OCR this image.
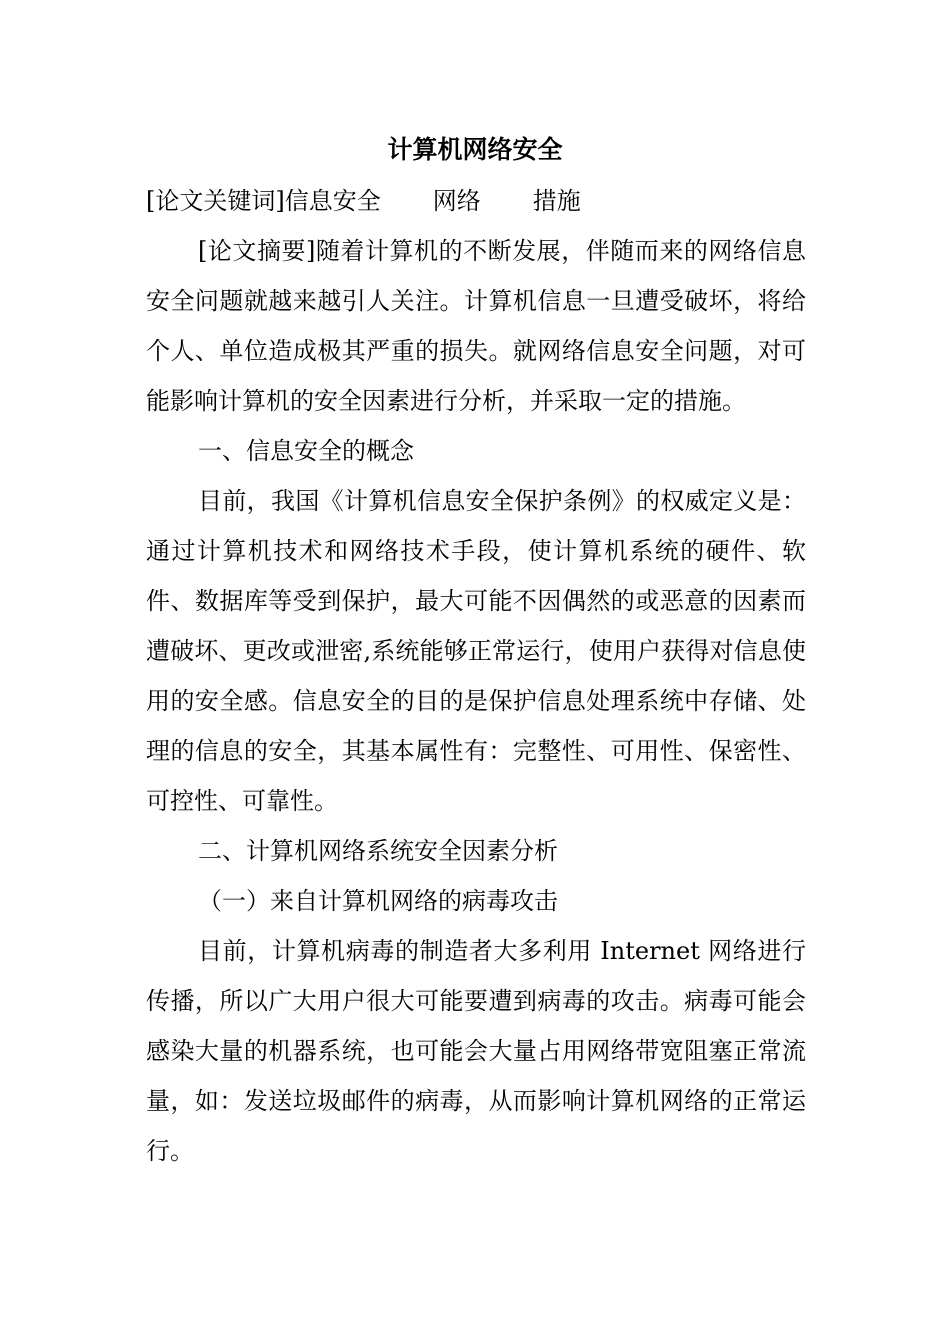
计算机网络安全

[论文关键词]信息安全 网络 措施

[论文摘要]随着计算机的不断发展，伴随而来的网络信息安全问题就越来越引人关注。计算机信息一旦遭受破坏，将给个人、单位造成极其严重的损失。就网络信息安全问题，对可能影响计算机的安全因素进行分析，并采取一定的措施。

一、信息安全的概念

目前，我国《计算机信息安全保护条例》的权威定义是：通过计算机技术和网络技术手段，使计算机系统的硬件、软件、数据库等受到保护，最大可能不因偶然的或恶意的因素而遭破坏、更改或泄密,系统能够正常运行，使用户获得对信息使用的安全感。信息安全的目的是保护信息处理系统中存储、处理的信息的安全，其基本属性有：完整性、可用性、保密性、可控性、可靠性。

二、计算机网络系统安全因素分析

（一）来自计算机网络的病毒攻击

目前，计算机病毒的制造者大多利用 Internet 网络进行传播，所以广大用户很大可能要遭到病毒的攻击。病毒可能会感染大量的机器系统，也可能会大量占用网络带宽阻塞正常流量，如：发送垃圾邮件的病毒，从而影响计算机网络的正常运行。
